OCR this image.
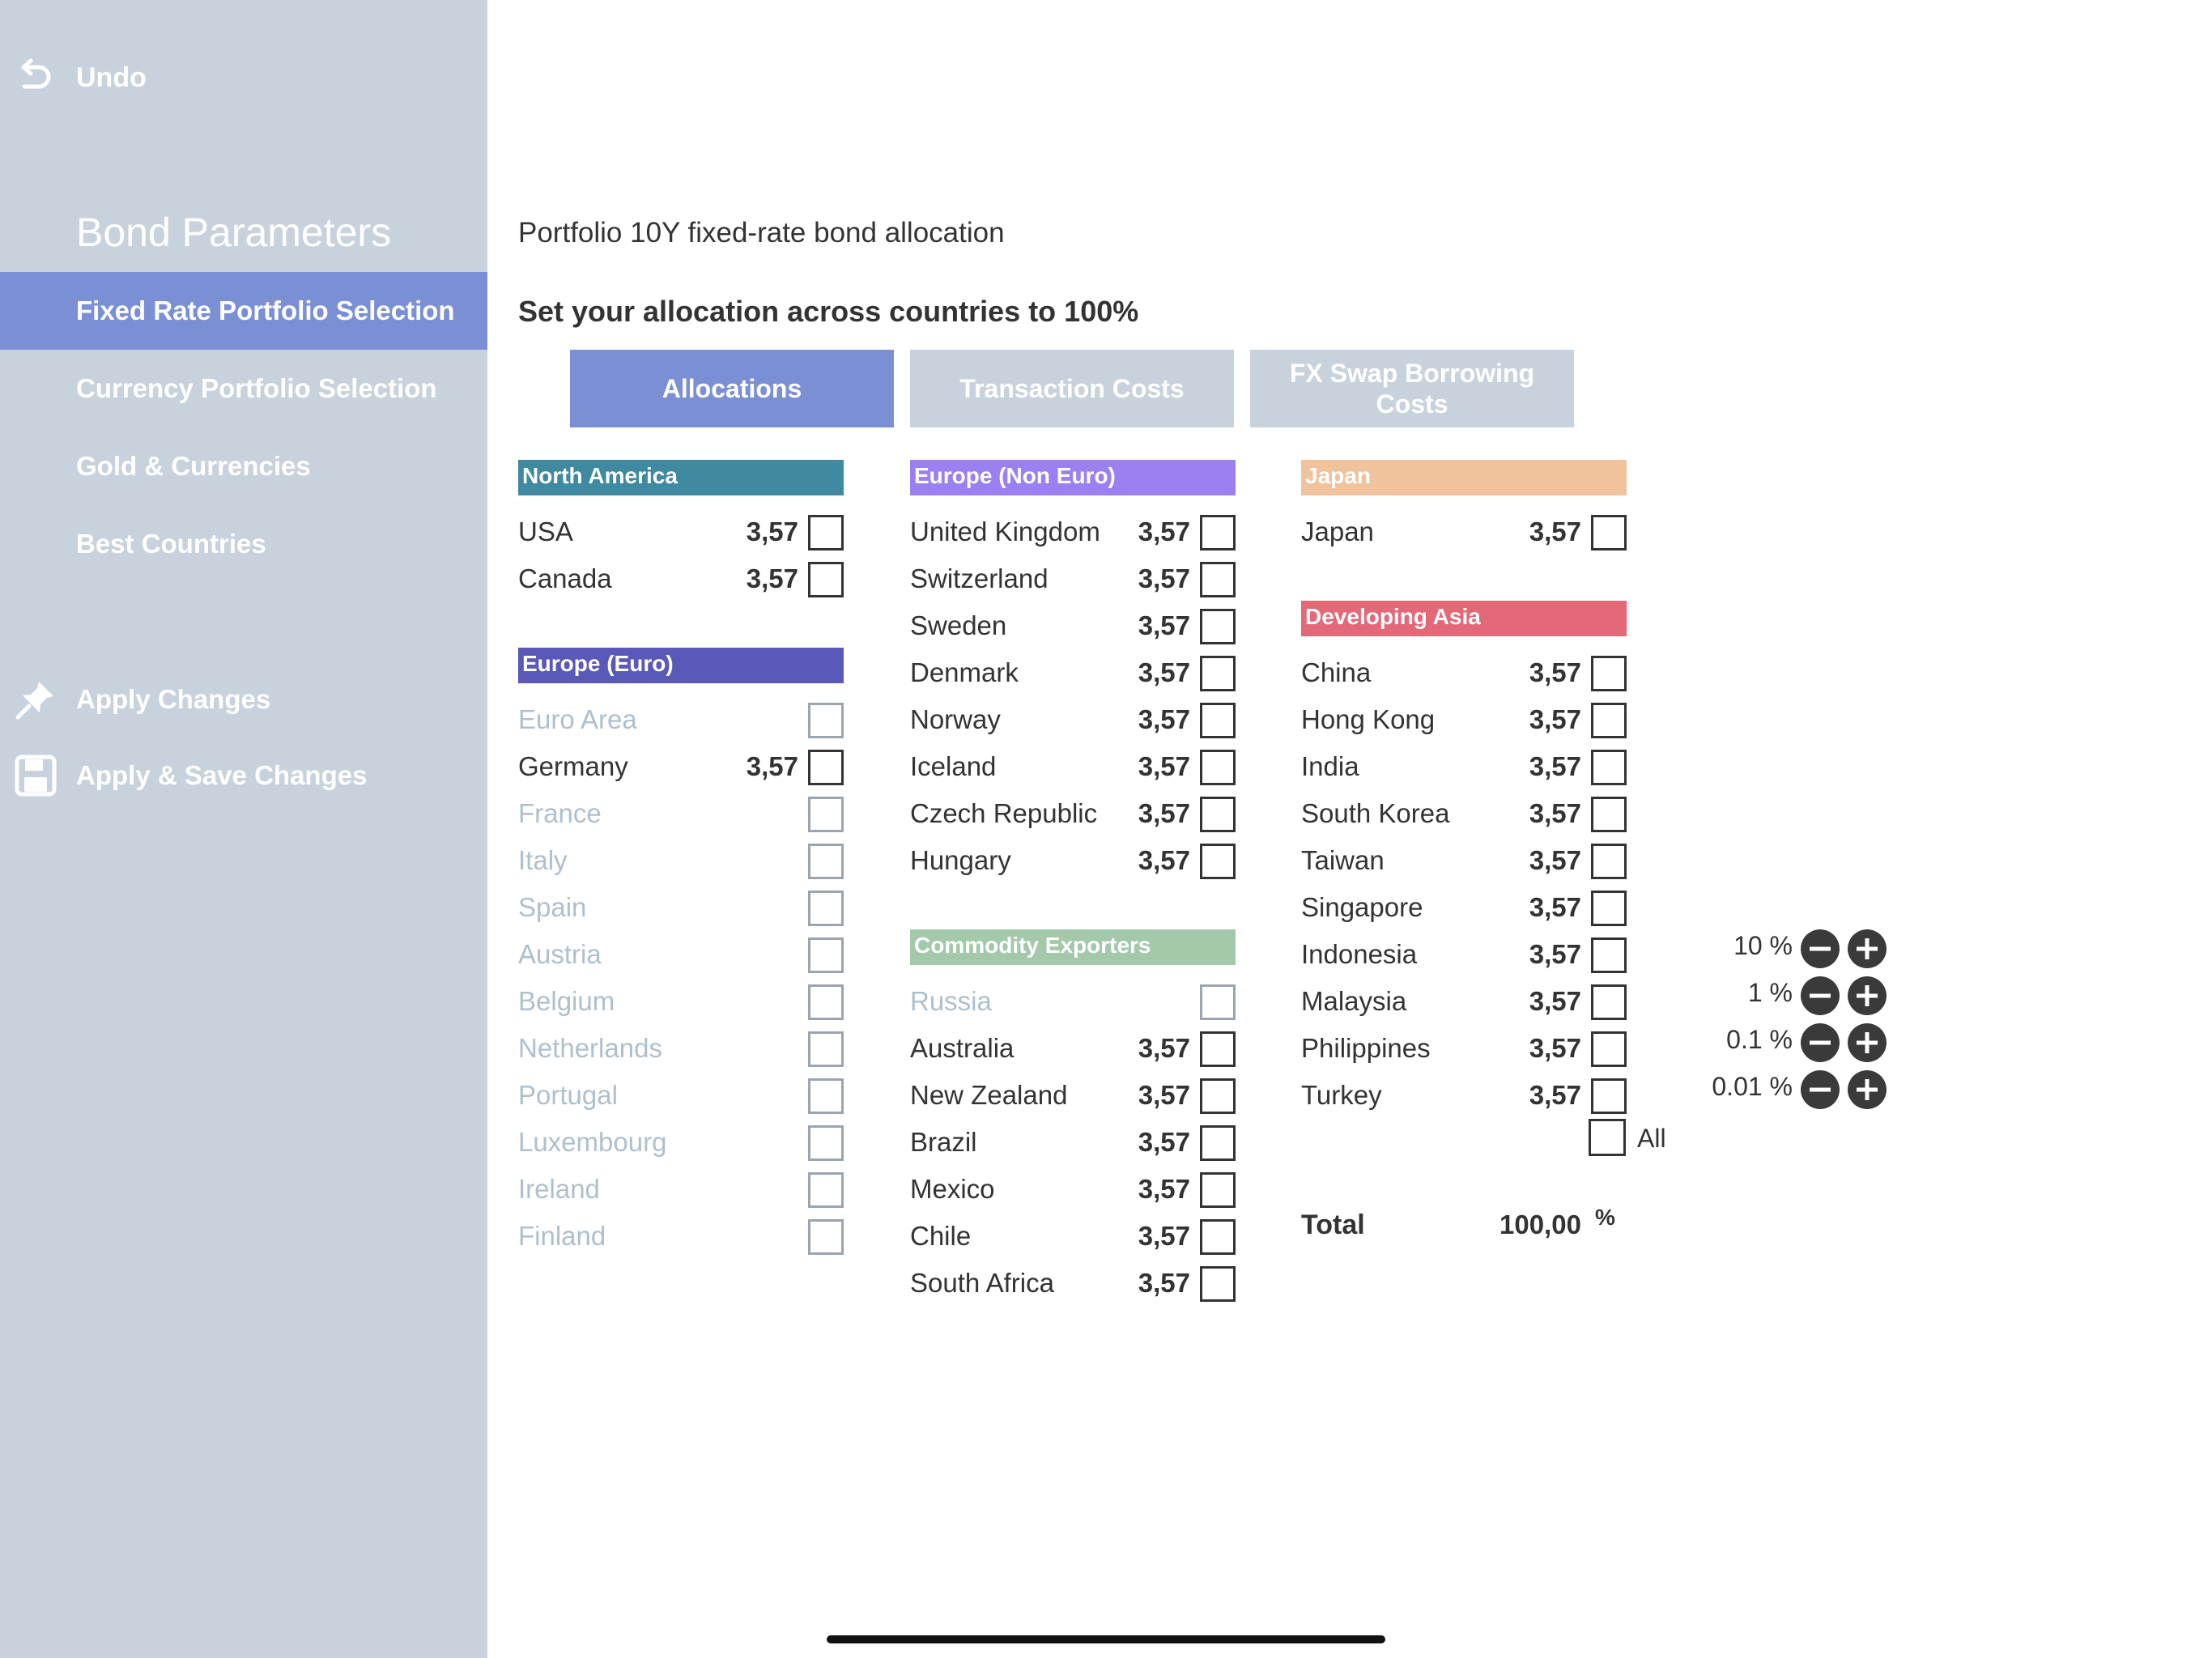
Undo
Bond Parameters
Fixed Rate Portfolio Selection
Currency Portfolio Selection
Gold & Currencies
Best Countries
Apply Changes
Apply & Save Changes
Portfolio 10Y fixed-rate bond allocation
Set your allocation across countries to 100%
Allocations	Transaction Costs
FX Swap Borrowing Costs
North America
USA	3,57
Canada	3,57
Europe (Euro)
Euro Area
Germany	3,57
France
Italy
Spain
Austria
Belgium
Netherlands
Portugal
Luxembourg
Ireland
Finland
Europe (Non Euro)
United Kingdom 3,57
Switzerland	3,57
Sweden	3,57
Denmark	3,57
Norway	3,57
Iceland	3,57
Czech Republic 3,57
Hungary	3,57
Commodity Exporters
Russia
Australia	3,57
New Zealand	3,57
Brazil	3,57
Mexico	3,57
Chile	3,57
South Africa	3,57
Japan
Japan	3,57
Developing Asia
China	3,57
Hong Kong	3,57
India	3,57
South Korea	3,57
Taiwan	3,57
Singapore	3,57
Indonesia	3,57
Malaysia	3,57
Philippines	3,57
Turkey	3,57
All
Total	100,00 %
10 %
1 %
0.1 %
0.01 %
